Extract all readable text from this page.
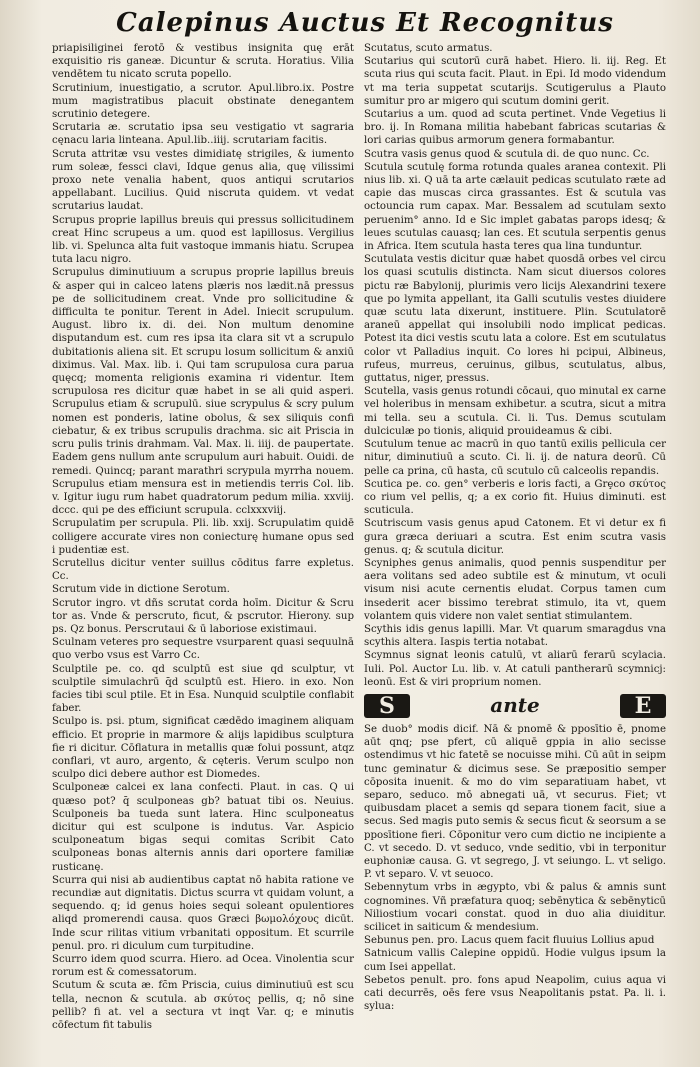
Calepinus Auctus Et Recognitus

priapisiliginei ferotō & vestibus insignita quę erāt exquisitio ris ganeæ. Dicuntur & scruta. Horatius. Vilia vendētem tu nicato scruta popello.

Scrutinium, inuestigatio, a scrutor. Apul.libro.ix. Postre mum magistratibus placuit obstinate denegantem scrutinio detegere.

Scrutaria æ. scrutatio ipsa seu vestigatio vt sagraria cęnacu laria linteana. Apul.lib..iiij. scrutariam facitis.

Scruta attritæ vsu vestes dimidiatę strigiles, & iumento rum soleæ, fessci clavi, Idque genus alia, quę vilissimi proxo nete venalia habent, quos antiqui scrutarios appellabant. Lucilius. Quid niscruta quidem. vt vedat scrutarius laudat.

Scrupus proprie lapillus breuis qui pressus sollicitudinem creat Hinc scrupeus a um. quod est lapillosus. Vergilius lib. vi. Spelunca alta fuit vastoque immanis hiatu. Scrupea tuta lacu nigro.

Scrupulus diminutiuum a scrupus proprie lapillus breuis & asper qui in calceo latens plæris nos lædit.nā pressus pe de sollicitudinem creat. Vnde pro sollicitudine & difficulta te ponitur. Terent in Adel. Iniecit scrupulum. August. libro ix. di. dei. Non multum denomine disputandum est. cum res ipsa ita clara sit vt a scrupulo dubitationis aliena sit. Et scrupu losum sollicitum & anxiū diximus. Val. Max. lib. i. Qui tam scrupulosa cura parua quęcq; momenta religionis examina ri videntur. Item scrupulosa res dicitur quæ habet in se ali quid asperi. Scrupulus etiam & scrupulū. siue scrypulus & scry pulum nomen est ponderis, latine obolus, & sex siliquis confi ciebatur, & ex tribus scrupulis drachma. sic ait Priscia in scru pulis trinis drahmam. Val. Max. li. iiij. de paupertate. Eadem gens nullum ante scrupulum auri habuit. Ouidi. de remedi. Quincq; parant marathri scrypula myrrha nouem. Scrupulus etiam mensura est in metiendis terris Col. lib. v. Igitur iugu rum habet quadratorum pedum milia. xxviij. dccc. qui pe des efficiunt scrupula. cclxxxviij.

Scrupulatim per scrupula. Pli. lib. xxij. Scrupulatim quidē colligere accurate vires non coniecturę humane opus sed i pudentiæ est.

Scrutellus dicitur venter suillus cōditus farre expletus. Cc.

Scrutum vide in dictione Serotum.

Scrutor ingro. vt dñs scrutat corda hoīm. Dicitur & Scru tor as. Vnde & perscruto, ficut, & pscrutor. Hierony. sup ps. Qz bonus. Perscrutaui & ū laboriose existimaui.

Sculnam veteres pro sequestre vsurparent quasi sequulnā quo verbo vsus est Varro Cc.

Sculptile pe. co. qd sculptū est siue qd sculptur, vt sculptile simulachrū q̄d sculptū est. Hiero. in exo. Non facies tibi scul ptile. Et in Esa. Nunquid sculptile conflabit faber.

Sculpo is. psi. ptum, significat cædēdo imaginem aliquam efficio. Et proprie in marmore & alijs lapidibus sculptura fie ri dicitur. Cōflatura in metallis quæ folui possunt, atqz conflari, vt auro, argento, & cęteris. Verum sculpo non sculpo dici debere author est Diomedes.

Sculponeæ calcei ex lana confecti. Plaut. in cas. Q ui quæso pot? q̄ sculponeas gb? batuat tibi os. Neuius. Sculponeis ba tueda sunt latera. Hinc sculponeatus dicitur qui est sculpone is indutus. Var. Aspicio sculponeatum bigas sequi comitas Scribit Cato sculponeas bonas alternis annis dari oportere familiæ rusticanę.

Scurra qui nisi ab audientibus captat nō habita ratione ve recundiæ aut dignitatis. Dictus scurra vt quidam volunt, a sequendo. q; id genus hoies sequi soleant opulentiores aliqd promerendi causa. quos Græci βωμολόχους dicūt. Inde scur rilitas vitium vrbanitati oppositum. Et scurrile penul. pro. ri diculum cum turpitudine.

Scurro idem quod scurra. Hiero. ad Ocea. Vinolentia scur rorum est & comessatorum.

Scutum & scuta æ. fc̄m Priscia, cuius diminutiuū est scu tella, necnon & scutula. ab σκύτος pellis, q; nō sine pellib? fi at. vel a sectura vt inqt Var. q; e minutis cōfectum fit tabulis

Scutatus, scuto armatus.

Scutarius qui scutorū curā habet. Hiero. li. iij. Reg. Et scuta rius qui scuta facit. Plaut. in Epi. Id modo videndum vt ma teria suppetat scutarijs. Scutigerulus a Plauto sumitur pro ar migero qui scutum domini gerit.

Scutarius a um. quod ad scuta pertinet. Vnde Vegetius li bro. ij. In Romana militia habebant fabricas scutarias & lori carias quibus armorum genera formabantur.

Scutra vasis genus quod & scutula di. de quo nunc. Cc.

Scutula scutulę forma rotunda quales aranea contexit. Pli nius lib. xi. Q uā ta arte cælauit pedicas scutulato ræte ad capie das muscas circa grassantes. Est & scutula vas octouncia rum capax. Mar. Bessalem ad scutulam sexto peruenim° anno. Id e Sic implet gabatas parops idesq; & leues scutulas cauasq; lan ces. Et scutula serpentis genus in Africa. Item scutula hasta teres qua lina tunduntur.

Scutulata vestis dicitur quæ habet quosdā orbes vel circu los quasi scutulis distincta. Nam sicut diuersos colores pictu ræ Babylonij, plurimis vero licijs Alexandrini texere que po lymita appellant, ita Galli scutulis vestes diuidere quæ scutu lata dixerunt, instituere. Plin. Scutulatorē araneū appellat qui insolubili nodo implicat pedicas. Potest ita dici vestis scutu lata a colore. Est em scutulatus color vt Palladius inquit. Co lores hi pcipui, Albineus, rufeus, murreus, ceruinus, gilbus, scutulatus, albus, guttatus, niger, pressus.

Scutella, vasis genus rotundi cōcaui, quo minutal ex carne vel holeribus in mensam exhibetur. a scutra, sicut a mitra mi tella. seu a scutula. Ci. li. Tus. Demus scutulam dulciculæ po tionis, aliquid prouideamus & cibi.

Scutulum tenue ac macrū in quo tantū exilis pellicula cer nitur, diminutiuū a scuto. Ci. li. ij. de natura deorū. Cū pelle ca prina, cū hasta, cū scutulo cū calceolis repandis.

Scutica pe. co. gen° verberis e loris facti, a Grȩco σκύτος co rium vel pellis, q; a ex corio fit. Huius diminuti. est scuticula.

Scutriscum vasis genus apud Catonem. Et vi detur ex fi gura græca deriuari a scutra. Est enim scutra vasis genus. q; & scutula dicitur.

Scyniphes genus animalis, quod pennis suspenditur per aera volitans sed adeo subtile est & minutum, vt oculi visum nisi acute cernentis eludat. Corpus tamen cum insederit acer bissimo terebrat stimulo, ita vt, quem volantem quis videre non valet sentiat stimulantem.

Scythis idis genus lapilli. Mar. Vt quarum smaragdus vna scythis altera. Iaspis tertia notabat.

Scymnus signat leonis catulū, vt aliarū ferarū scylacia. Iuli. Pol. Auctor Lu. lib. v. At catuli pantherarū scymnicj: leonū. Est & viri proprium nomen.

S	ante	E

Se duob° modis dicif. Nā & pnomē & pposītio ē, pnome aūt qnq; pse pfert, cū aliquē gppia in alio secisse ostendimus vt hic fatetē se nocuisse mihi. Cū aūt in seipm tunc geminatur & dicimus sese. Se præpositio semper cōposita inuenit. & mo do vim separatiuam habet, vt separo, seduco. mō abnegati uā, vt securus. Fiet; vt quibusdam placet a semis qd separa tionem facit, siue a secus. Sed magis puto semis & secus ficut & seorsum a se pposītione fieri. Cōponitur vero cum dictio ne incipiente a C. vt secedo. D. vt seduco, vnde seditio, vbi in terponitur euphoniæ causa. G. vt segrego, J. vt seiungo. L. vt seligo. P. vt separo. V. vt seuoco.

Sebennytum vrbs in ægypto, vbi & palus & amnis sunt cognomines. Vñ præfatura quoq; sebēnytica & sebēnyticū Niliostium vocari constat. quod in duo alia diuiditur. scilicet in saiticum & mendesium.

Sebunus pen. pro. Lacus quem facit fluuius Lollius apud

Satnicum vallis Calepine oppidū. Hodie vulgus ipsum la cum Isei appellat.

Sebetos penult. pro. fons apud Neapolim, cuius aqua vi cati decurrēs, oēs fere vsus Neapolitanis pstat. Pa. li. i. sylua:
